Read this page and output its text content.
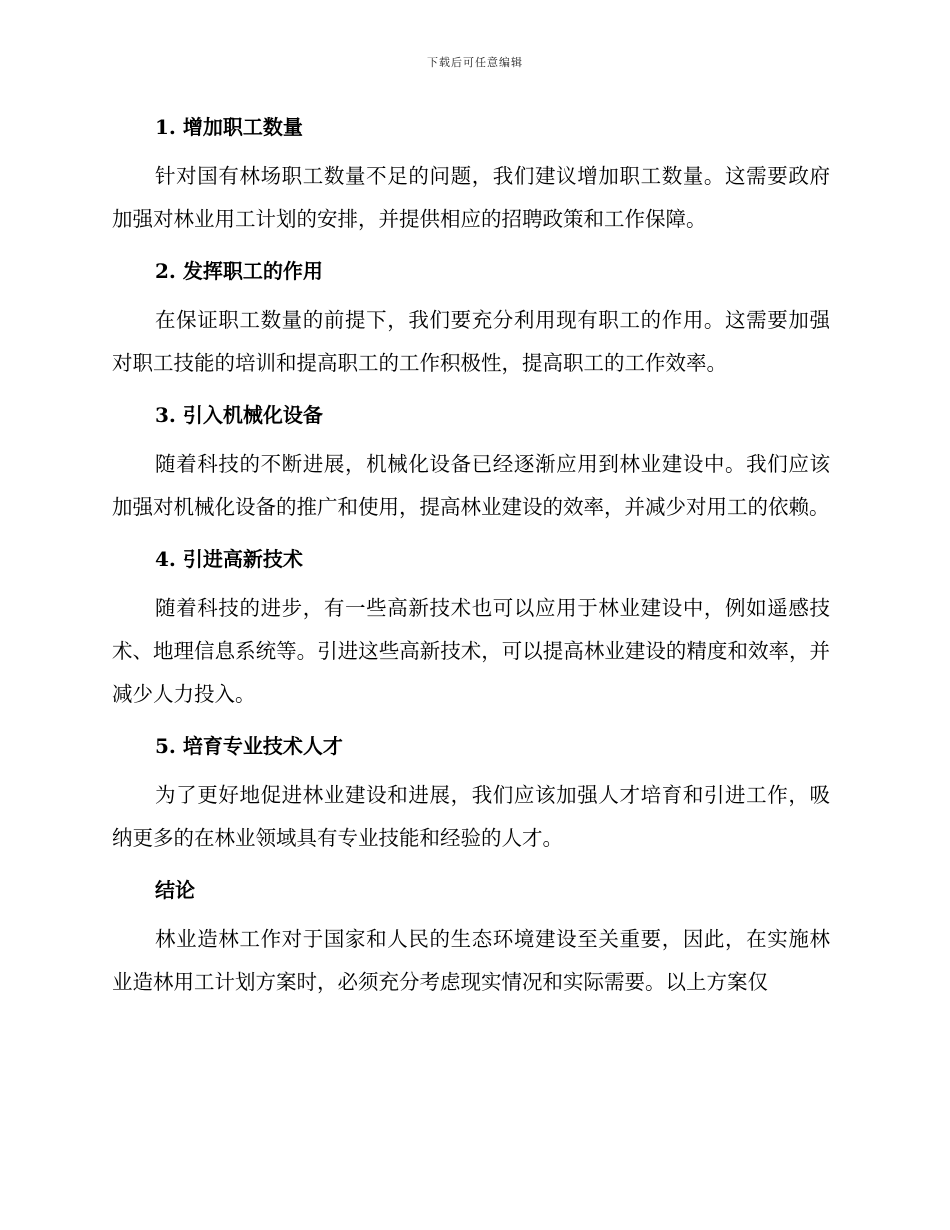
下载后可任意编辑
1. 增加职工数量

针对国有林场职工数量不足的问题，我们建议增加职工数量。这需要政府加强对林业用工计划的安排，并提供相应的招聘政策和工作保障。

2. 发挥职工的作用

在保证职工数量的前提下，我们要充分利用现有职工的作用。这需要加强对职工技能的培训和提高职工的工作积极性，提高职工的工作效率。

3. 引入机械化设备

随着科技的不断进展，机械化设备已经逐渐应用到林业建设中。我们应该加强对机械化设备的推广和使用，提高林业建设的效率，并减少对用工的依赖。

4. 引进高新技术

随着科技的进步，有一些高新技术也可以应用于林业建设中，例如遥感技术、地理信息系统等。引进这些高新技术，可以提高林业建设的精度和效率，并减少人力投入。

5. 培育专业技术人才

为了更好地促进林业建设和进展，我们应该加强人才培育和引进工作，吸纳更多的在林业领域具有专业技能和经验的人才。

结论

林业造林工作对于国家和人民的生态环境建设至关重要，因此，在实施林业造林用工计划方案时，必须充分考虑现实情况和实际需要。以上方案仅
